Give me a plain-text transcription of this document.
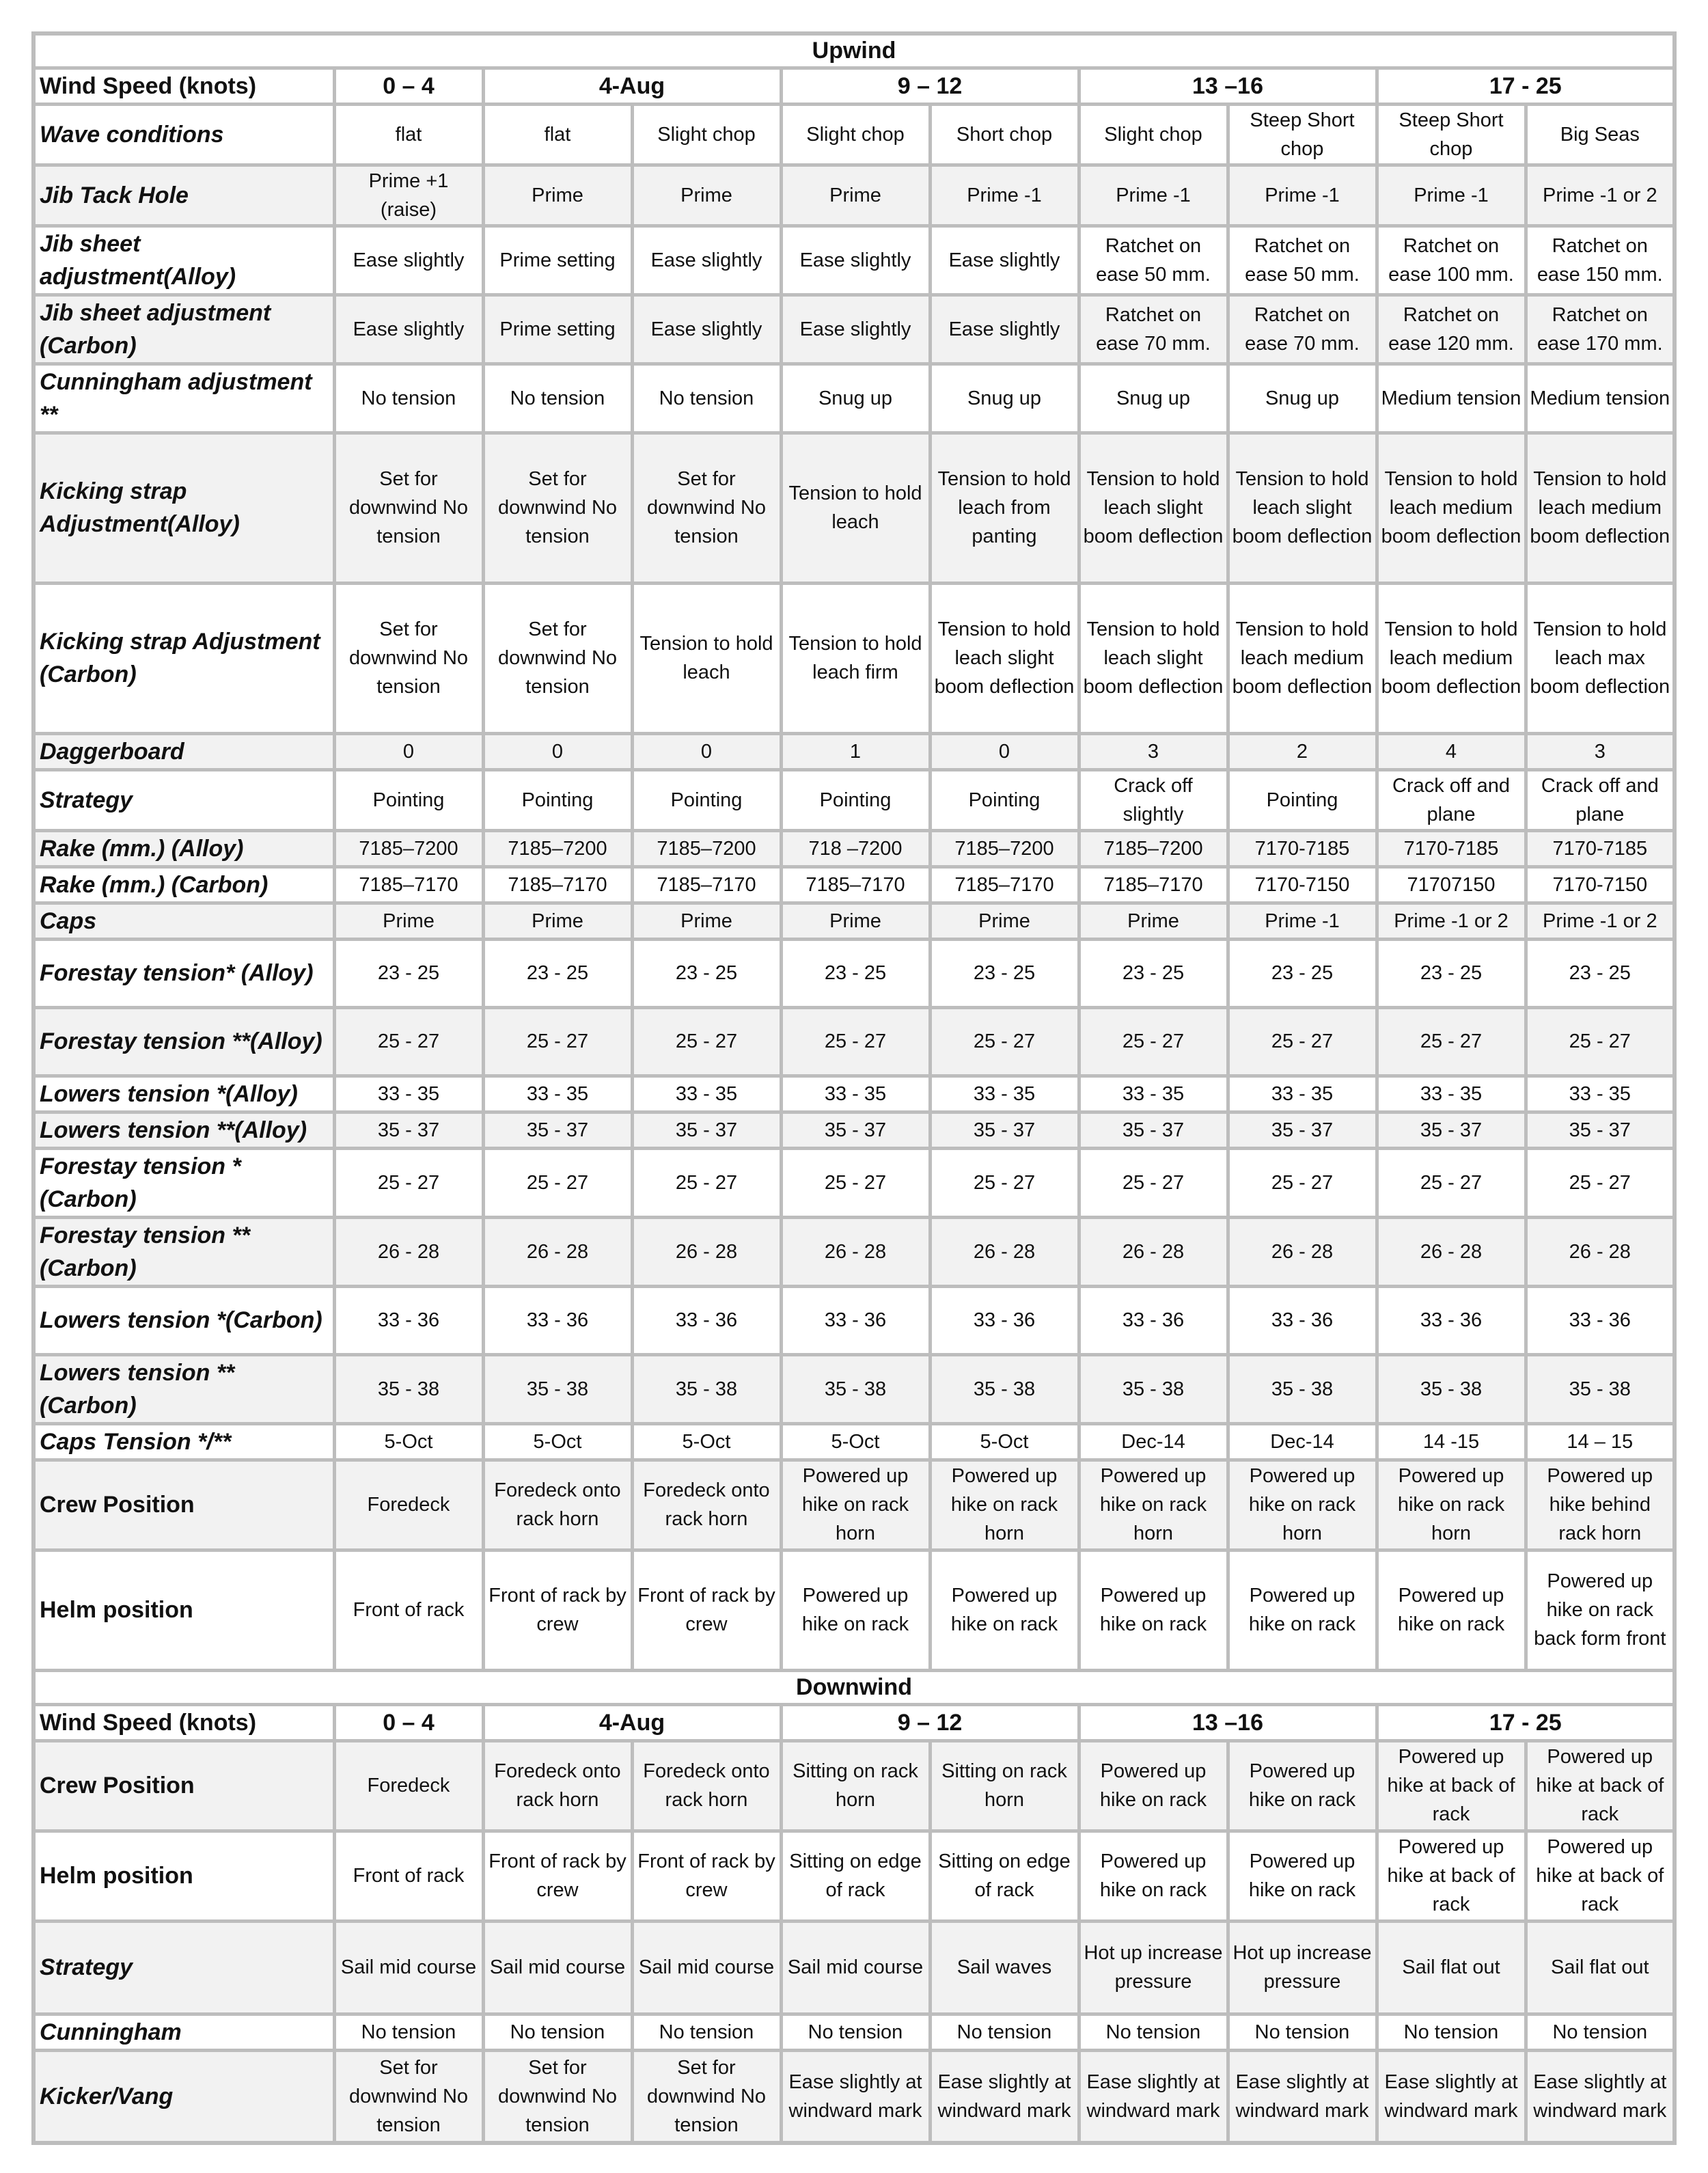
Upwind									
Wind Speed (knots)	0 – 4	4-Aug		9 – 12		13 –16		17 - 25	
Wave conditions	flat	flat	Slight chop	Slight chop	Short chop	Slight chop	Steep Short chop	Steep Short chop	Big Seas
Jib Tack Hole	Prime +1 (raise)	Prime	Prime	Prime	Prime -1	Prime -1	Prime -1	Prime -1	Prime -1 or 2
Jib sheet adjustment(Alloy)	Ease slightly	Prime setting	Ease slightly	Ease slightly	Ease slightly	Ratchet on ease 50 mm.	Ratchet on ease 50 mm.	Ratchet on ease 100 mm.	Ratchet on ease 150 mm.
Jib sheet adjustment (Carbon)	Ease slightly	Prime setting	Ease slightly	Ease slightly	Ease slightly	Ratchet on ease 70 mm.	Ratchet on ease 70 mm.	Ratchet on ease 120 mm.	Ratchet on ease 170 mm.
Cunningham adjustment **	No tension	No tension	No tension	Snug up	Snug up	Snug up	Snug up	Medium tension	Medium tension
Kicking strap Adjustment(Alloy)	Set for downwind No tension	Set for downwind No tension	Set for downwind No tension	Tension to hold leach	Tension to hold leach from panting	Tension to hold leach slight boom deflection	Tension to hold leach slight boom deflection	Tension to hold leach medium boom deflection	Tension to hold leach medium boom deflection
Kicking strap Adjustment (Carbon)	Set for downwind No tension	Set for downwind No tension	Tension to hold leach	Tension to hold leach firm	Tension to hold leach slight boom deflection	Tension to hold leach slight boom deflection	Tension to hold leach medium boom deflection	Tension to hold leach medium boom deflection	Tension to hold leach max boom deflection
Daggerboard	0	0	0	1	0	3	2	4	3
Strategy	Pointing	Pointing	Pointing	Pointing	Pointing	Crack off slightly	Pointing	Crack off and plane	Crack off and plane
Rake (mm.) (Alloy)	7185–7200	7185–7200	7185–7200	718 –7200	7185–7200	7185–7200	7170-7185	7170-7185	7170-7185
Rake (mm.) (Carbon)	7185–7170	7185–7170	7185–7170	7185–7170	7185–7170	7185–7170	7170-7150	71707150	7170-7150
Caps	Prime	Prime	Prime	Prime	Prime	Prime	Prime -1	Prime -1 or 2	Prime -1 or 2
Forestay tension* (Alloy)	23 - 25	23 - 25	23 - 25	23 - 25	23 - 25	23 - 25	23 - 25	23 - 25	23 - 25
Forestay tension **(Alloy)	25 - 27	25 - 27	25 - 27	25 - 27	25 - 27	25 - 27	25 - 27	25 - 27	25 - 27
Lowers tension *(Alloy)	33 - 35	33 - 35	33 - 35	33 - 35	33 - 35	33 - 35	33 - 35	33 - 35	33 - 35
Lowers tension **(Alloy)	35 - 37	35 - 37	35 - 37	35 - 37	35 - 37	35 - 37	35 - 37	35 - 37	35 - 37
Forestay tension *(Carbon)	25 - 27	25 - 27	25 - 27	25 - 27	25 - 27	25 - 27	25 - 27	25 - 27	25 - 27
Forestay tension **(Carbon)	26 - 28	26 - 28	26 - 28	26 - 28	26 - 28	26 - 28	26 - 28	26 - 28	26 - 28
Lowers tension *(Carbon)	33 - 36	33 - 36	33 - 36	33 - 36	33 - 36	33 - 36	33 - 36	33 - 36	33 - 36
Lowers tension **(Carbon)	35 - 38	35 - 38	35 - 38	35 - 38	35 - 38	35 - 38	35 - 38	35 - 38	35 - 38
Caps Tension */**	5-Oct	5-Oct	5-Oct	5-Oct	5-Oct	Dec-14	Dec-14	14 -15	14 – 15
Crew Position	Foredeck	Foredeck onto rack horn	Foredeck onto rack horn	Powered up hike on rack horn	Powered up hike on rack horn	Powered up hike on rack horn	Powered up hike on rack horn	Powered up hike on rack horn	Powered up hike behind rack horn
Helm position	Front of rack	Front of rack by crew	Front of rack by crew	Powered up hike on rack	Powered up hike on rack	Powered up hike on rack	Powered up hike on rack	Powered up hike on rack	Powered up hike on rack back form front
Downwind									
Wind Speed (knots)	0 – 4	4-Aug		9 – 12		13 –16		17 - 25	
Crew Position	Foredeck	Foredeck onto rack horn	Foredeck onto rack horn	Sitting on rack horn	Sitting on rack horn	Powered up hike on rack	Powered up hike on rack	Powered up hike at back of rack	Powered up hike at back of rack
Helm position	Front of rack	Front of rack by crew	Front of rack by crew	Sitting on edge of rack	Sitting on edge of rack	Powered up hike on rack	Powered up hike on rack	Powered up hike at back of rack	Powered up hike at back of rack
Strategy	Sail mid course	Sail mid course	Sail mid course	Sail mid course	Sail waves	Hot up increase pressure	Hot up increase pressure	Sail flat out	Sail flat out
Cunningham	No tension	No tension	No tension	No tension	No tension	No tension	No tension	No tension	No tension
Kicker/Vang	Set for downwind No tension	Set for downwind No tension	Set for downwind No tension	Ease slightly at windward mark	Ease slightly at windward mark	Ease slightly at windward mark	Ease slightly at windward mark	Ease slightly at windward mark	Ease slightly at windward mark
